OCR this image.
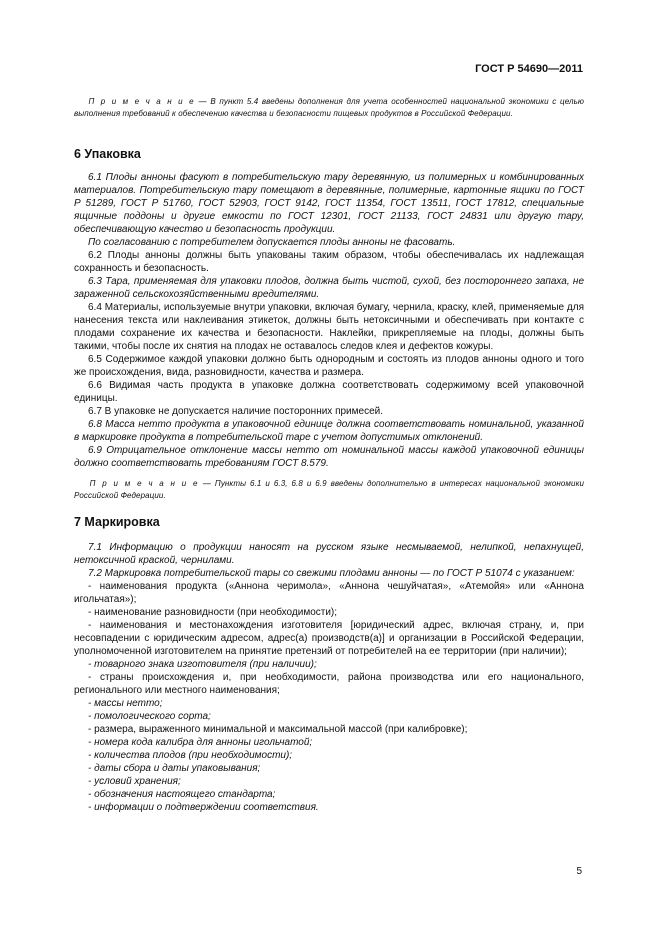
ГОСТ Р 54690—2011
П р и м е ч а н и е — В пункт 5.4 введены дополнения для учета особенностей национальной экономики с целью выполнения требований к обеспечению качества и безопасности пищевых продуктов в Российской Федерации.
6 Упаковка

6.1 Плоды анноны фасуют в потребительскую тару деревянную, из полимерных и комбинированных материалов. Потребительскую тару помещают в деревянные, полимерные, картонные ящики по ГОСТ Р 51289, ГОСТ Р 51760, ГОСТ 52903, ГОСТ 9142, ГОСТ 11354, ГОСТ 13511, ГОСТ 17812, специальные ящичные поддоны и другие емкости по ГОСТ 12301, ГОСТ 21133, ГОСТ 24831 или другую тару, обеспечивающую качество и безопасность продукции.

По согласованию с потребителем допускается плоды анноны не фасовать.

6.2 Плоды анноны должны быть упакованы таким образом, чтобы обеспечивалась их надлежащая сохранность и безопасность.

6.3 Тара, применяемая для упаковки плодов, должна быть чистой, сухой, без постороннего запаха, не зараженной сельскохозяйственными вредителями.

6.4 Материалы, используемые внутри упаковки, включая бумагу, чернила, краску, клей, применяемые для нанесения текста или наклеивания этикеток, должны быть нетоксичными и обеспечивать при контакте с плодами сохранение их качества и безопасности. Наклейки, прикрепляемые на плоды, должны быть такими, чтобы после их снятия на плодах не оставалось следов клея и дефектов кожуры.

6.5 Содержимое каждой упаковки должно быть однородным и состоять из плодов анноны одного и того же происхождения, вида, разновидности, качества и размера.

6.6 Видимая часть продукта в упаковке должна соответствовать содержимому всей упаковочной единицы.

6.7 В упаковке не допускается наличие посторонних примесей.

6.8 Масса нетто продукта в упаковочной единице должна соответствовать номинальной, указанной в маркировке продукта в потребительской таре с учетом допустимых отклонений.

6.9 Отрицательное отклонение массы нетто от номинальной массы каждой упаковочной единицы должно соответствовать требованиям ГОСТ 8.579.

П р и м е ч а н и е — Пункты 6.1 и 6.3, 6.8 и 6.9 введены дополнительно в интересах национальной экономики Российской Федерации.
7 Маркировка

7.1 Информацию о продукции наносят на русском языке несмываемой, нелипкой, непахнущей, нетоксичной краской, чернилами.

7.2 Маркировка потребительской тары со свежими плодами анноны — по ГОСТ Р 51074 с указанием:

- наименования продукта («Аннона черимола», «Аннона чешуйчатая», «Атемойя» или «Аннона игольчатая»);

- наименование разновидности (при необходимости);

- наименования и местонахождения изготовителя [юридический адрес, включая страну, и, при несовпадении с юридическим адресом, адрес(а) производств(а)] и организации в Российской Федерации, уполномоченной изготовителем на принятие претензий от потребителей на ее территории (при наличии);

- товарного знака изготовителя (при наличии);

- страны происхождения и, при необходимости, района производства или его национального, регионального или местного наименования;

- массы нетто;

- помологического сорта;

- размера, выраженного минимальной и максимальной массой (при калибровке);

- номера кода калибра для анноны игольчатой;

- количества плодов (при необходимости);

- даты сбора и даты упаковывания;

- условий хранения;

- обозначения настоящего стандарта;

- информации о подтверждении соответствия.

5
